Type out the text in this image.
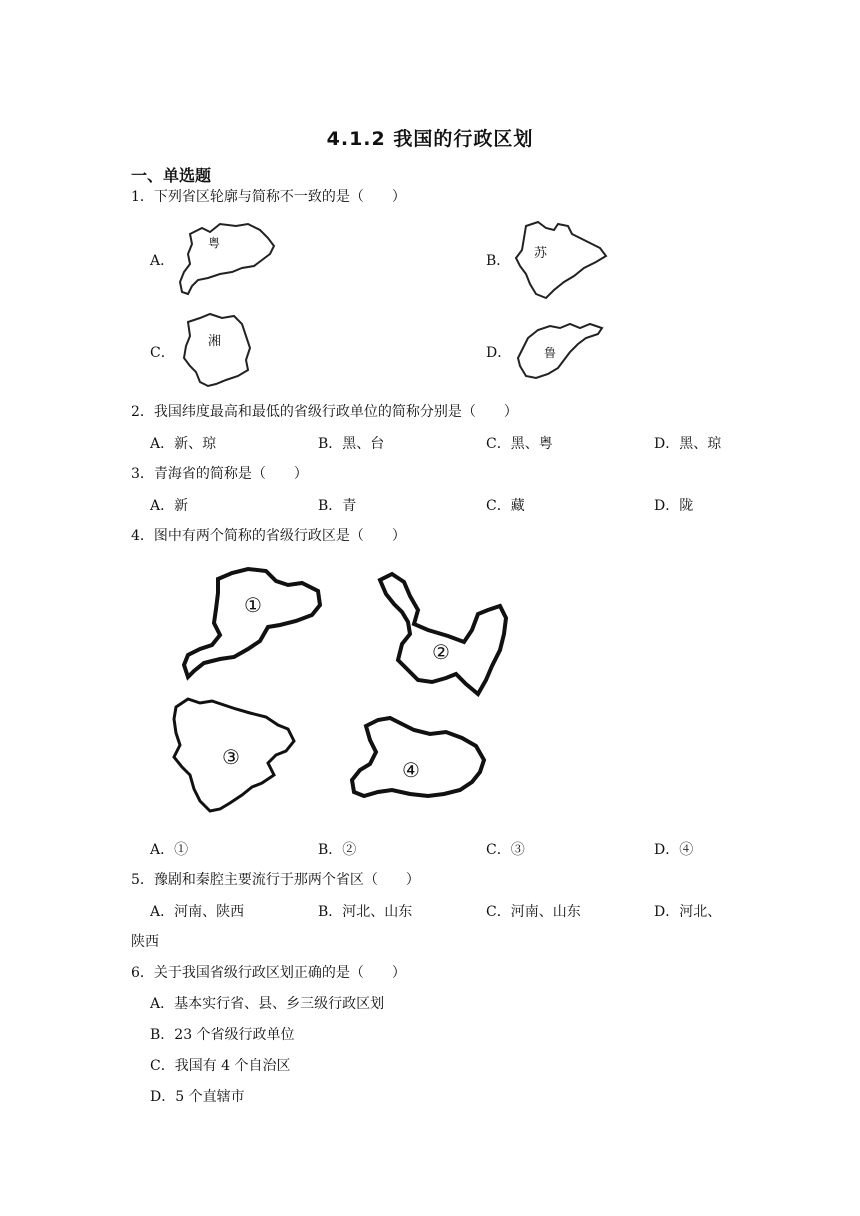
4.1.2 我国的行政区划
一、单选题
1．下列省区轮廓与简称不一致的是（　　）
A．
粤
B． 苏
C．
湘
D．	鲁
2．我国纬度最高和最低的省级行政单位的简称分别是（　　）
A．新、琼	B．黑、台	C．黑、粤	D．黑、琼
3．青海省的简称是（　　）
A．新	B．青	C．藏	D．陇
4．图中有两个简称的省级行政区是（　　）
①
②
③
④
A．①	B．②	C．③	D．④
5．豫剧和秦腔主要流行于那两个省区（　　）
A．河南、陕西	B．河北、山东	C．河南、山东	D．河北、
陕西
6．关于我国省级行政区划正确的是（　　）
A．基本实行省、县、乡三级行政区划
B．23 个省级行政单位
C．我国有 4 个自治区
D．5 个直辖市
